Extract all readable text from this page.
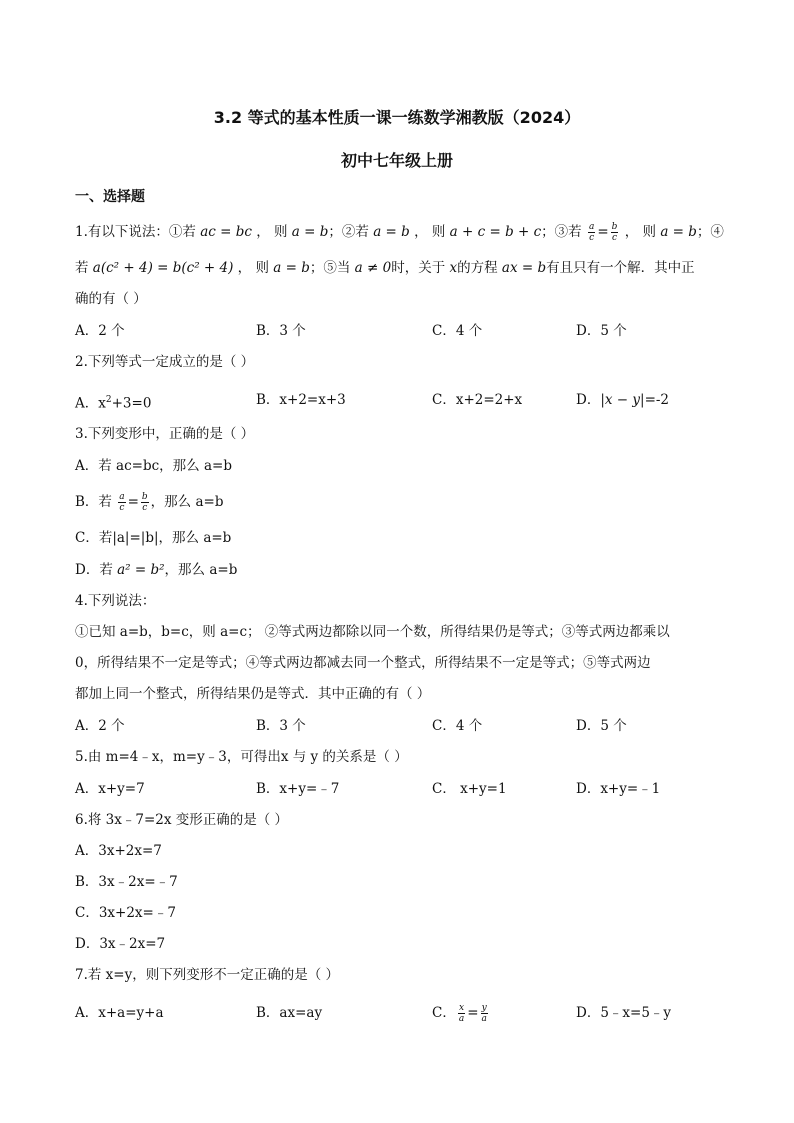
3.2 等式的基本性质一课一练数学湘教版（2024）
初中七年级上册
一、选择题
1.有以下说法：①若 ac = bc ， 则 a = b；②若 a = b ， 则 a + c = b + c；③若 $\frac{a}{c} = \frac{b}{c}$ ， 则 a = b；④
若 a(c² + 4) = b(c² + 4) ， 则 a = b；⑤当 a ≠ 0时，关于 x的方程 ax = b有且只有一个解．其中正
确的有（ ）
A．2 个	B．3 个	C．4 个	D．5 个
2.下列等式一定成立的是（ ）
A．$x^2+3=0$	B．x+2=x+3	C．x+2=2+x	D．|x − y|=-2
3.下列变形中，正确的是（ ）
A．若 ac=bc，那么 a=b
B．若 $\frac{a}{c} = \frac{b}{c}$ ，那么 a=b
C．若|a|=|b|，那么 a=b
D．若 a² = b²，那么 a=b
4.下列说法：
①已知 a=b，b=c，则 a=c； ②等式两边都除以同一个数，所得结果仍是等式；③等式两边都乘以
0，所得结果不一定是等式；④等式两边都减去同一个整式，所得结果不一定是等式；⑤等式两边
都加上同一个整式，所得结果仍是等式．其中正确的有（ ）
A．2 个	B．3 个	C．4 个	D．5 个
5.由 m=4﹣x，m=y﹣3，可得出x 与 y 的关系是（ ）
A．x+y=7	B．x+y=﹣7	C． x+y=1	D．x+y=﹣1
6.将 3x﹣7=2x 变形正确的是（ ）
A．3x+2x=7
B．3x﹣2x=﹣7
C．3x+2x=﹣7
D．3x﹣2x=7
7.若 x=y，则下列变形不一定正确的是（ ）
A．x+a=y+a	B．ax=ay	C． $\frac{x}{a} = \frac{y}{a}$	D．5﹣x=5﹣y
